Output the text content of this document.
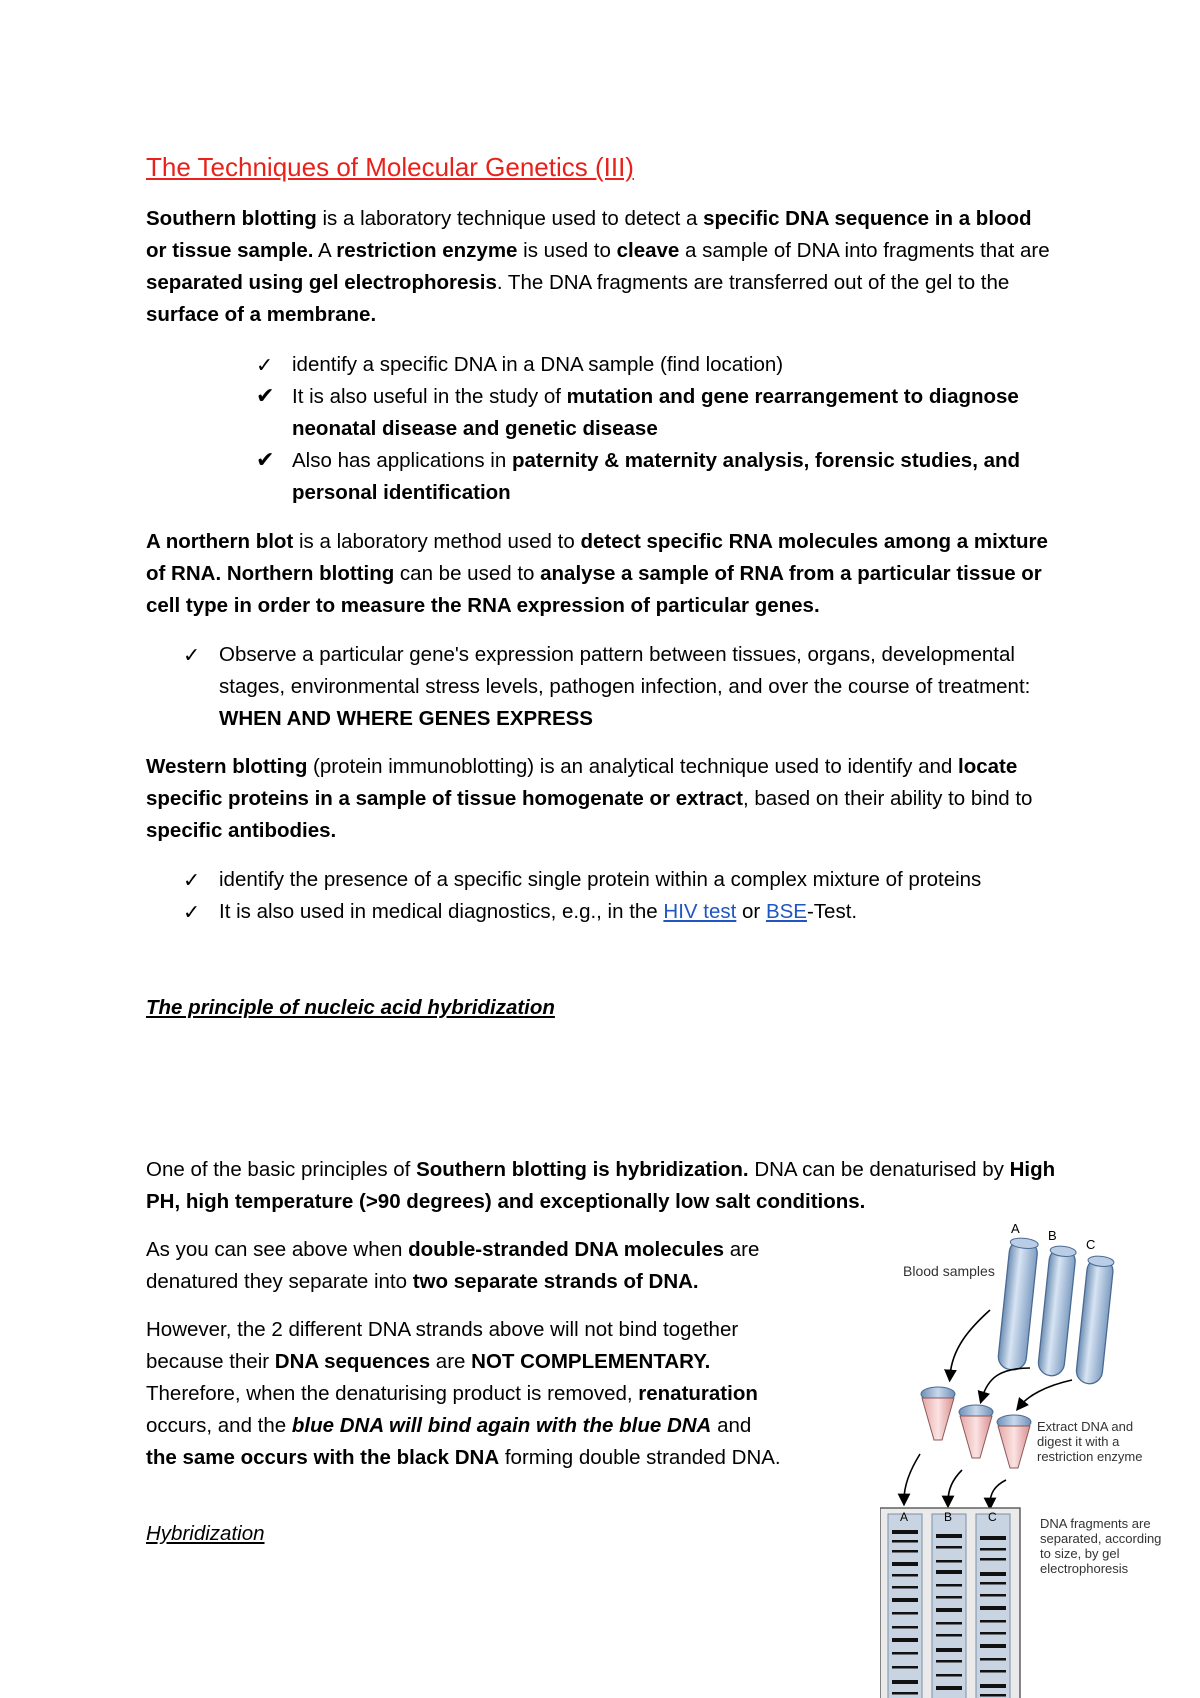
The Techniques of Molecular Genetics (III)

Southern blotting is a laboratory technique used to detect a specific DNA sequence in a blood or tissue sample. A restriction enzyme is used to cleave a sample of DNA into fragments that are separated using gel electrophoresis. The DNA fragments are transferred out of the gel to the surface of a membrane.

✓ identify a specific DNA in a DNA sample (find location)
✔ It is also useful in the study of mutation and gene rearrangement to diagnose neonatal disease and genetic disease
✔ Also has applications in paternity & maternity analysis, forensic studies, and personal identification

A northern blot is a laboratory method used to detect specific RNA molecules among a mixture of RNA. Northern blotting can be used to analyse a sample of RNA from a particular tissue or cell type in order to measure the RNA expression of particular genes.

✓ Observe a particular gene's expression pattern between tissues, organs, developmental stages, environmental stress levels, pathogen infection, and over the course of treatment: WHEN AND WHERE GENES EXPRESS

Western blotting (protein immunoblotting) is an analytical technique used to identify and locate specific proteins in a sample of tissue homogenate or extract, based on their ability to bind to specific antibodies.

✓ identify the presence of a specific single protein within a complex mixture of proteins
✓ It is also used in medical diagnostics, e.g., in the HIV test or BSE-Test.

The principle of nucleic acid hybridization

One of the basic principles of Southern blotting is hybridization. DNA can be denaturised by High PH, high temperature (>90 degrees) and exceptionally low salt conditions.

As you can see above when double-stranded DNA molecules are denatured they separate into two separate strands of DNA.

However, the 2 different DNA strands above will not bind together because their DNA sequences are NOT COMPLEMENTARY. Therefore, when the denaturising product is removed, renaturation occurs, and the blue DNA will bind again with the blue DNA and the same occurs with the black DNA forming double stranded DNA.

Hybridization

A B
C
Blood samples
Extract DNA and
digest it with a
restriction enzyme
A	B	C	DNA fragments are
separated, according
to size, by gel
electrophoresis
